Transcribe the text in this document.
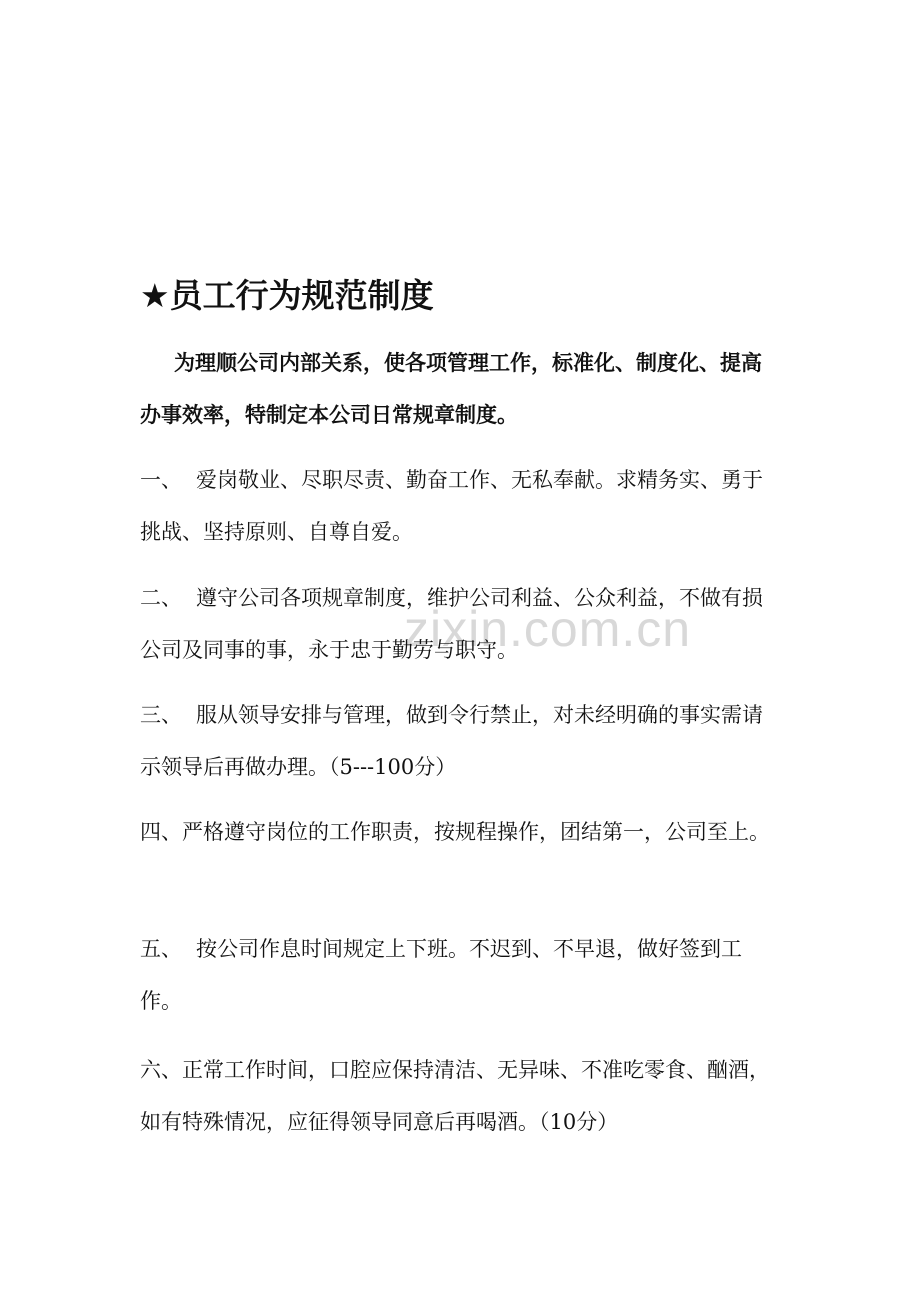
zixin.com.cn
★员工行为规范制度

为理顺公司内部关系，使各项管理工作，标准化、制度化、提高办事效率，特制定本公司日常规章制度。

一、 爱岗敬业、尽职尽责、勤奋工作、无私奉献。求精务实、勇于挑战、坚持原则、自尊自爱。

二、 遵守公司各项规章制度，维护公司利益、公众利益，不做有损公司及同事的事，永于忠于勤劳与职守。

三、 服从领导安排与管理，做到令行禁止，对未经明确的事实需请示领导后再做办理。（5---100分）

四、严格遵守岗位的工作职责，按规程操作，团结第一，公司至上。

五、 按公司作息时间规定上下班。不迟到、不早退，做好签到工作。

六、正常工作时间，口腔应保持清洁、无异味、不准吃零食、酗酒，如有特殊情况，应征得领导同意后再喝酒。（10分）
